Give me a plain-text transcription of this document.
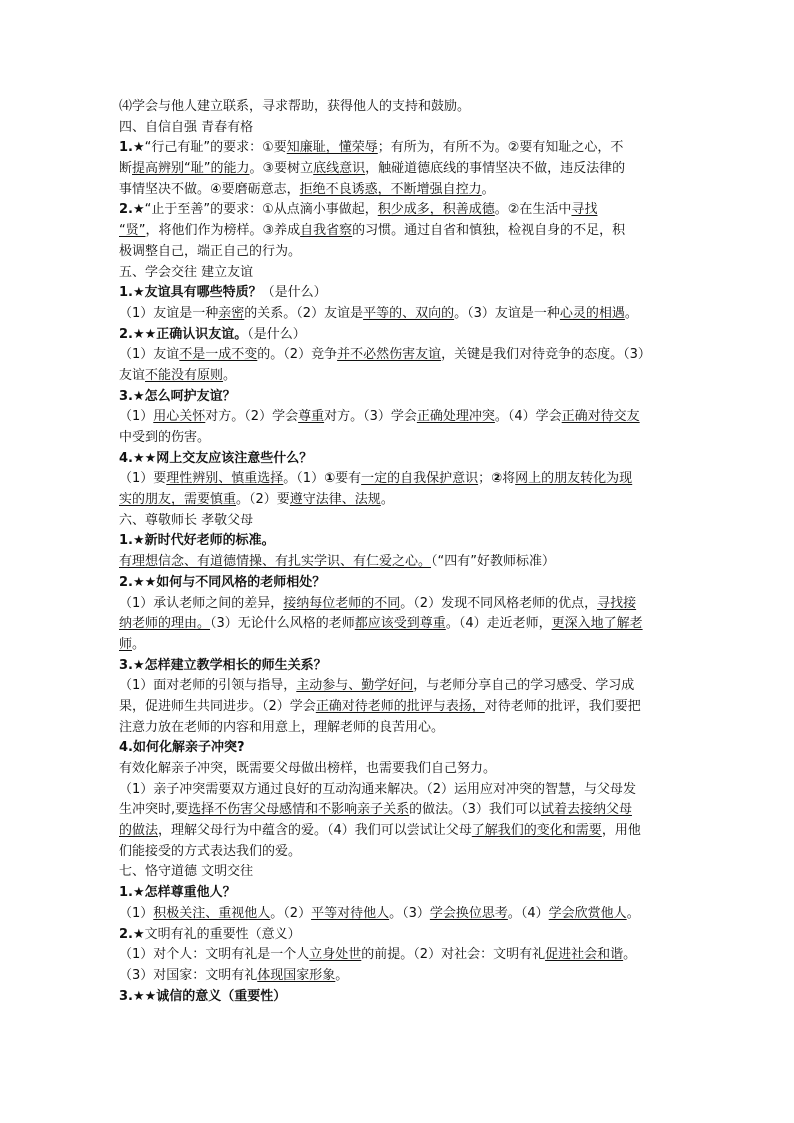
⑷学会与他人建立联系，寻求帮助，获得他人的支持和鼓励。
四、自信自强 青春有格
1.★“行己有耻”的要求：①要知廉耻，懂荣辱；有所为，有所不为。②要有知耻之心，不
断提高辨别“耻”的能力。③要树立底线意识，触碰道德底线的事情坚决不做，违反法律的
事情坚决不做。④要磨砺意志，拒绝不良诱惑，不断增强自控力。
2.★“止于至善”的要求：①从点滴小事做起，积少成多，积善成德。②在生活中寻找
“贤”，将他们作为榜样。③养成自我省察的习惯。通过自省和慎独，检视自身的不足，积
极调整自己，端正自己的行为。
五、学会交往 建立友谊
1.★友谊具有哪些特质？（是什么）
（1）友谊是一种亲密的关系。（2）友谊是平等的、双向的。（3）友谊是一种心灵的相遇。
2.★★正确认识友谊。（是什么）
（1）友谊不是一成不变的。（2）竞争并不必然伤害友谊，关键是我们对待竞争的态度。（3）
友谊不能没有原则。
3.★怎么呵护友谊？
（1）用心关怀对方。（2）学会尊重对方。（3）学会正确处理冲突。（4）学会正确对待交友
中受到的伤害。
4.★★网上交友应该注意些什么？
（1）要理性辨别、慎重选择。（1）①要有一定的自我保护意识；②将网上的朋友转化为现
实的朋友，需要慎重。（2）要遵守法律、法规。
六、尊敬师长 孝敬父母
1.★新时代好老师的标准。
有理想信念、有道德情操、有扎实学识、有仁爱之心。（“四有”好教师标准）
2.★★如何与不同风格的老师相处？
（1）承认老师之间的差异，接纳每位老师的不同。（2）发现不同风格老师的优点，寻找接
纳老师的理由。（3）无论什么风格的老师都应该受到尊重。（4）走近老师，更深入地了解老
师。
3.★怎样建立教学相长的师生关系？
（1）面对老师的引领与指导，主动参与、勤学好问，与老师分享自己的学习感受、学习成
果，促进师生共同进步。（2）学会正确对待老师的批评与表扬，对待老师的批评，我们要把
注意力放在老师的内容和用意上，理解老师的良苦用心。
4.如何化解亲子冲突?
有效化解亲子冲突，既需要父母做出榜样，也需要我们自己努力。
（1）亲子冲突需要双方通过良好的互动沟通来解决。（2）运用应对冲突的智慧，与父母发
生冲突时,要选择不伤害父母感情和不影响亲子关系的做法。（3）我们可以试着去接纳父母
的做法，理解父母行为中蕴含的爱。（4）我们可以尝试让父母了解我们的变化和需要，用他
们能接受的方式表达我们的爱。
七、恪守道德 文明交往
1.★怎样尊重他人？
（1）积极关注、重视他人。（2）平等对待他人。（3）学会换位思考。（4）学会欣赏他人。
2.★文明有礼的重要性（意义）
（1）对个人：文明有礼是一个人立身处世的前提。（2）对社会：文明有礼促进社会和谐。
（3）对国家：文明有礼体现国家形象。
3.★★诚信的意义（重要性）
